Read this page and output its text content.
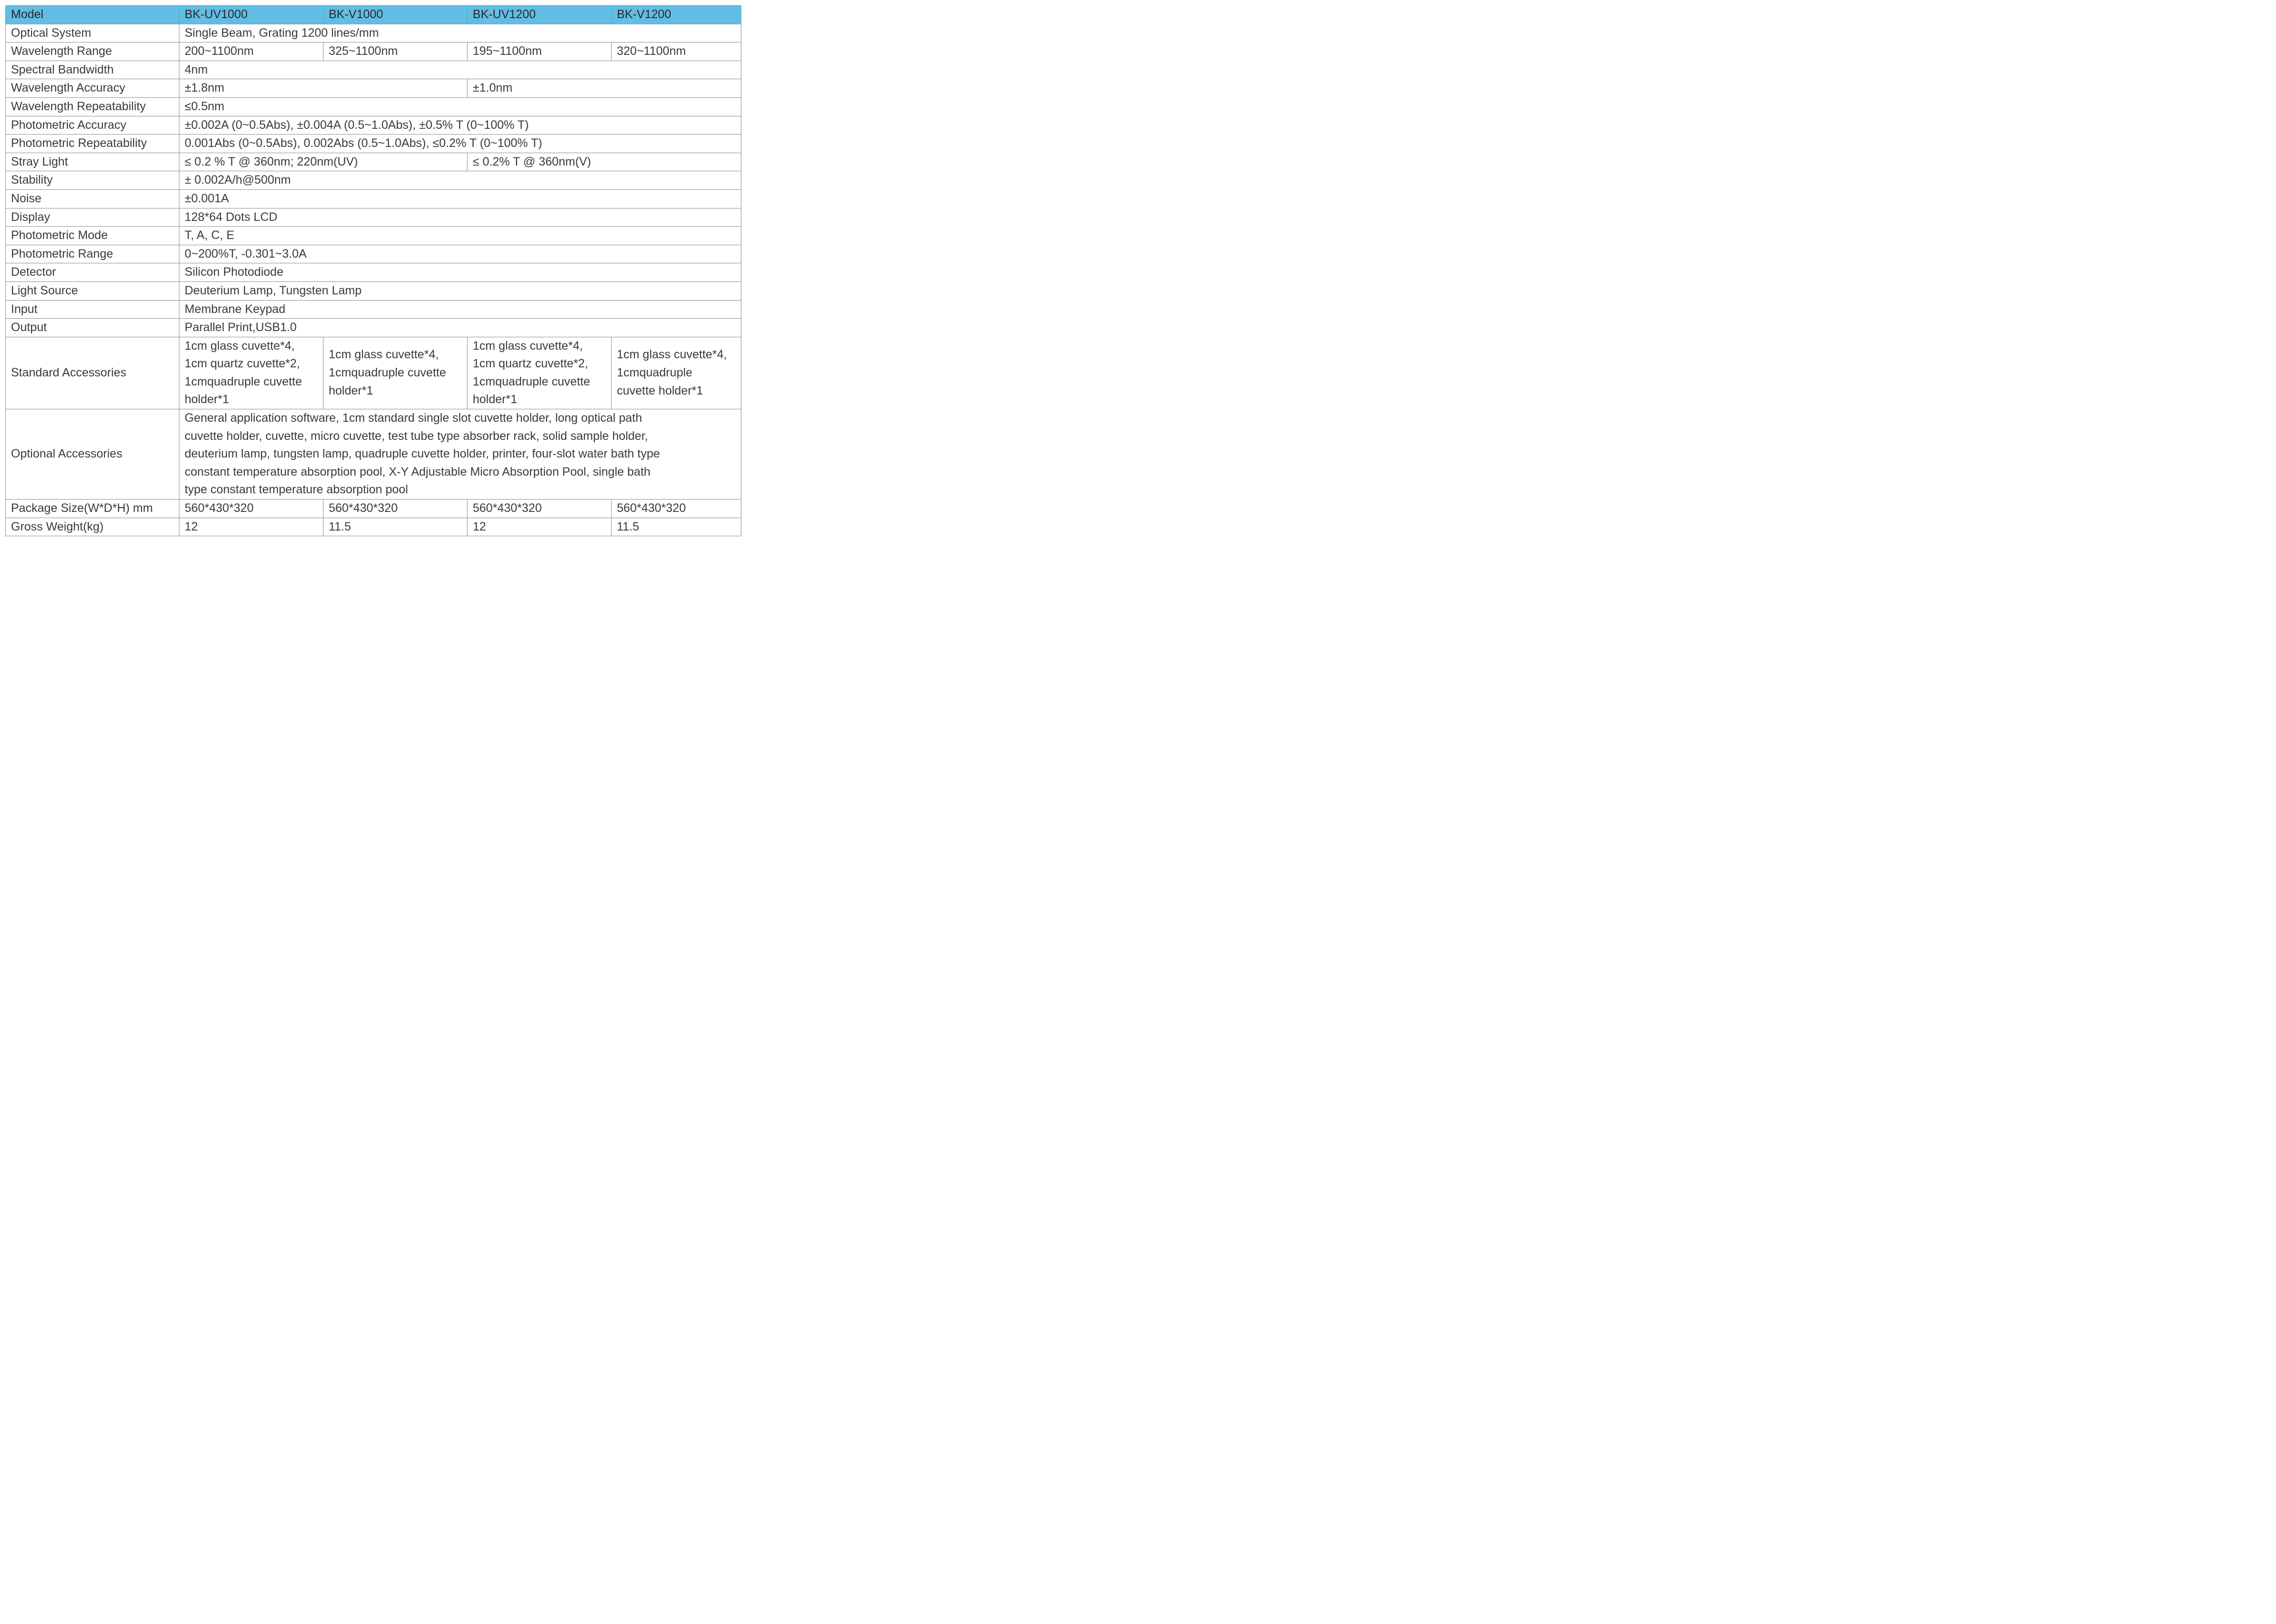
Model	BK-UV1000	BK-V1000	BK-UV1200	BK-V1200
Optical System	Single Beam, Grating 1200 lines/mm			
Wavelength Range	200~1100nm	325~1100nm	195~1100nm	320~1100nm
Spectral Bandwidth	4nm			
Wavelength Accuracy	±1.8nm		±1.0nm	
Wavelength Repeatability	≤0.5nm			
Photometric Accuracy	±0.002A (0~0.5Abs), ±0.004A (0.5~1.0Abs), ±0.5% T (0~100% T)			
Photometric Repeatability	0.001Abs (0~0.5Abs), 0.002Abs (0.5~1.0Abs), ≤0.2% T (0~100% T)			
Stray Light	≤ 0.2 % T @ 360nm; 220nm(UV)		≤ 0.2% T @ 360nm(V)	
Stability	± 0.002A/h@500nm			
Noise	±0.001A			
Display	128*64 Dots LCD			
Photometric Mode	T, A, C, E			
Photometric Range	0~200%T, -0.301~3.0A			
Detector	Silicon Photodiode			
Light Source	Deuterium Lamp, Tungsten Lamp			
Input	Membrane Keypad			
Output	Parallel Print,USB1.0			
Standard Accessories	1cm glass cuvette*4,
1cm quartz cuvette*2,
1cmquadruple cuvette
holder*1	1cm glass cuvette*4,
1cmquadruple cuvette
holder*1	1cm glass cuvette*4,
1cm quartz cuvette*2,
1cmquadruple cuvette
holder*1	1cm glass cuvette*4,
1cmquadruple
cuvette holder*1
Optional Accessories	General application software, 1cm standard single slot cuvette holder, long optical path
cuvette holder, cuvette, micro cuvette, test tube type absorber rack, solid sample holder,
deuterium lamp, tungsten lamp, quadruple cuvette holder, printer, four-slot water bath type
constant temperature absorption pool, X-Y Adjustable Micro Absorption Pool, single bath
type constant temperature absorption pool			
Package Size(W*D*H) mm	560*430*320	560*430*320	560*430*320	560*430*320
Gross Weight(kg)	12	11.5	12	11.5
